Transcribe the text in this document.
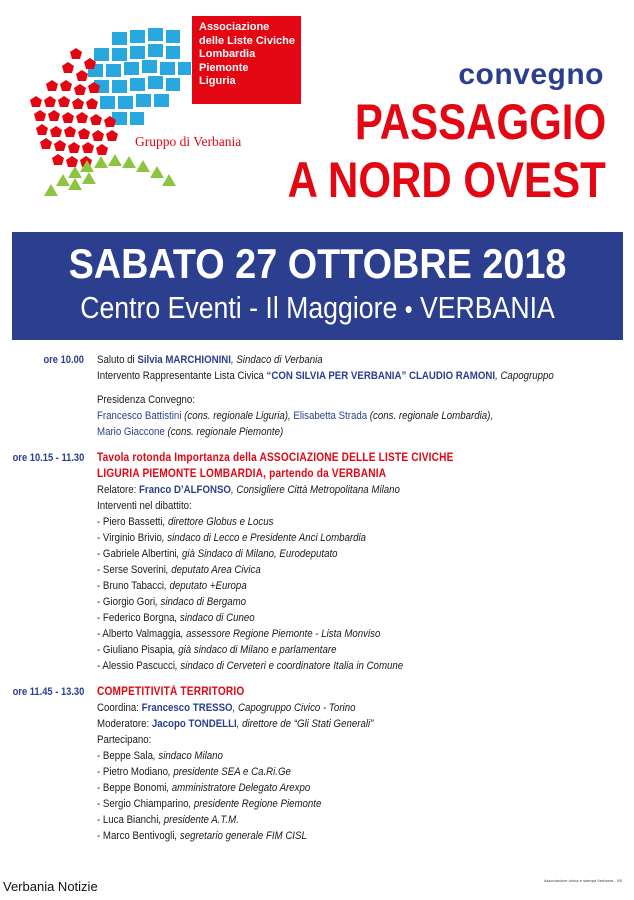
Associazione
delle Liste Civiche
Lombardia
Piemonte
Liguria
Gruppo di Verbania
convegno
PASSAGGIO
A NORD OVEST
SABATO 27 OTTOBRE 2018
Centro Eventi - Il Maggiore • VERBANIA
ore 10.00 Saluto di Silvia MARCHIONINI, Sindaco di Verbania
Intervento Rappresentante Lista Civica “CON SILVIA PER VERBANIA” CLAUDIO RAMONI, Capogruppo
Presidenza Convegno:
Francesco Battistini (cons. regionale Liguria), Elisabetta Strada (cons. regionale Lombardia),
Mario Giaccone (cons. regionale Piemonte)
ore 10.15 - 11.30 Tavola rotonda Importanza della ASSOCIAZIONE DELLE LISTE CIVICHE
LIGURIA PIEMONTE LOMBARDIA, partendo da VERBANIA
Relatore: Franco D’ALFONSO, Consigliere Città Metropolitana Milano
Interventi nel dibattito:
- Piero Bassetti, direttore Globus e Locus
- Virginio Brivio, sindaco di Lecco e Presidente Anci Lombardia
- Gabriele Albertini, già Sindaco di Milano, Eurodeputato
- Serse Soverini, deputato Area Civica
- Bruno Tabacci, deputato +Europa
- Giorgio Gori, sindaco di Bergamo
- Federico Borgna, sindaco di Cuneo
- Alberto Valmaggia, assessore Regione Piemonte - Lista Monviso
- Giuliano Pisapia, già sindaco di Milano e parlamentare
- Alessio Pascucci, sindaco di Cerveteri e coordinatore Italia in Comune
ore 11.45 - 13.30 COMPETITIVITÀ TERRITORIO
Coordina: Francesco TRESSO, Capogruppo Civico - Torino
Moderatore: Jacopo TONDELLI, direttore de “Gli Stati Generali”
Partecipano:
- Beppe Sala, sindaco Milano
- Pietro Modiano, presidente SEA e Ca.Ri.Ge
- Beppe Bonomi, amministratore Delegato Arexpo
- Sergio Chiamparino, presidente Regione Piemonte
- Luca Bianchi, presidente A.T.M.
- Marco Bentivogli, segretario generale FIM CISL
Verbania Notizie	Associazione civica e stampa Verbania - VB
